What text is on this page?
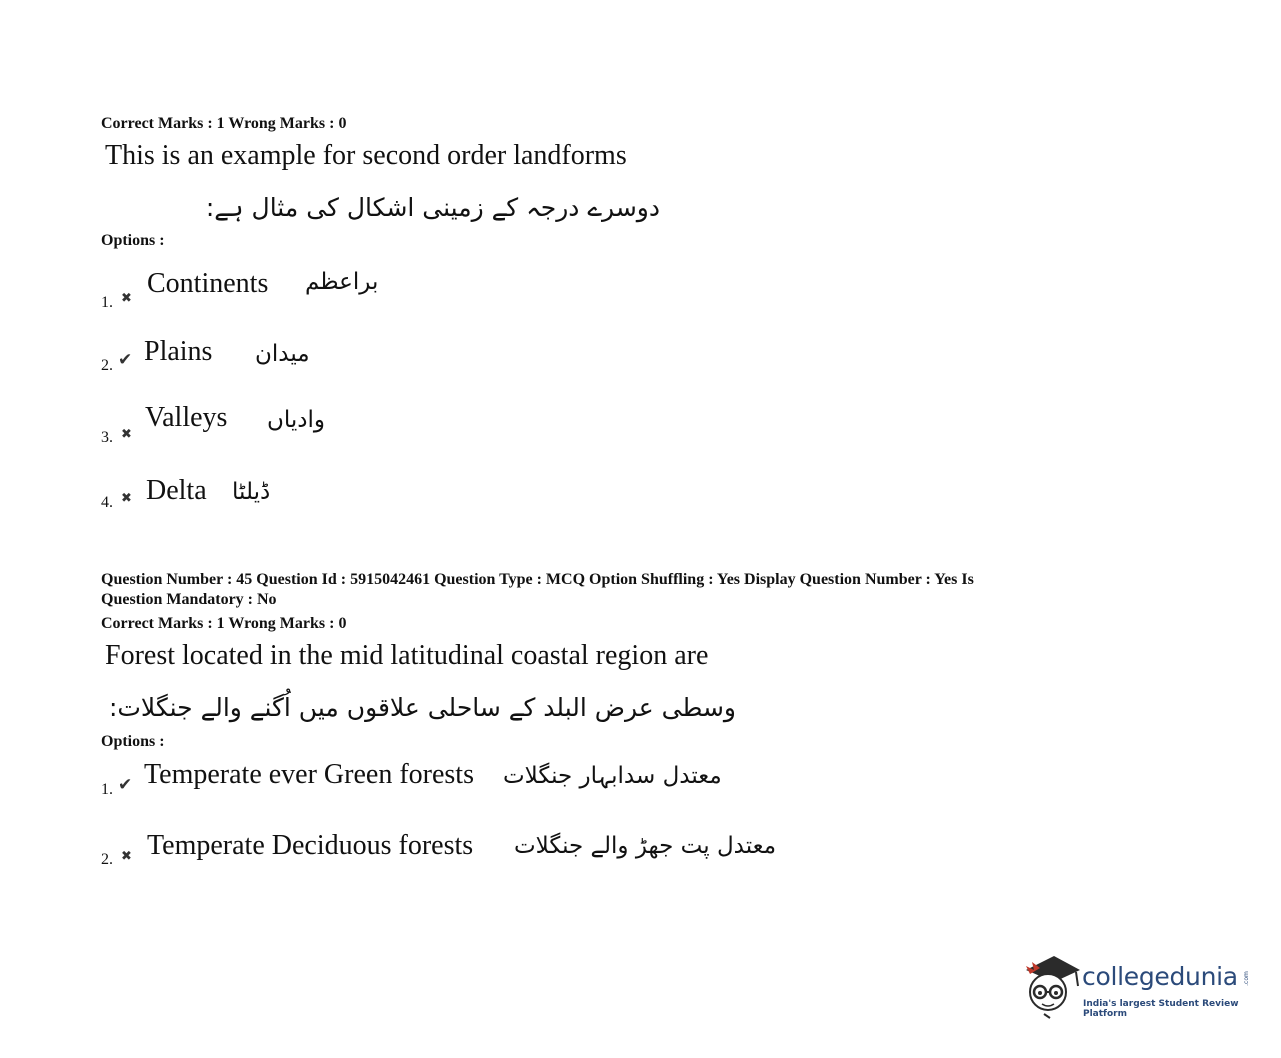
Correct Marks : 1 Wrong Marks : 0
This is an example for second order landforms
دوسرے درجہ کے زمینی اشکال کی مثال ہے:
Options :
1. ✖ Continents براعظم
2. ✔ Plains میدان
3. ✖
Valleys وادیاں
4. ✖ Delta ڈیلٹا
Question Number : 45 Question Id : 5915042461 Question Type : MCQ Option Shuffling : Yes Display Question Number : Yes Is
Question Mandatory : No
Correct Marks : 1 Wrong Marks : 0
Forest located in the mid latitudinal coastal region are
وسطی عرض البلد کے ساحلی علاقوں میں اُگنے والے جنگلات:
Options :
1. ✔ Temperate ever Green forests معتدل سدابہار جنگلات
2. ✖ Temperate Deciduous forests معتدل پت جھڑ والے جنگلات
collegedunia .com
India's largest Student Review Platform
